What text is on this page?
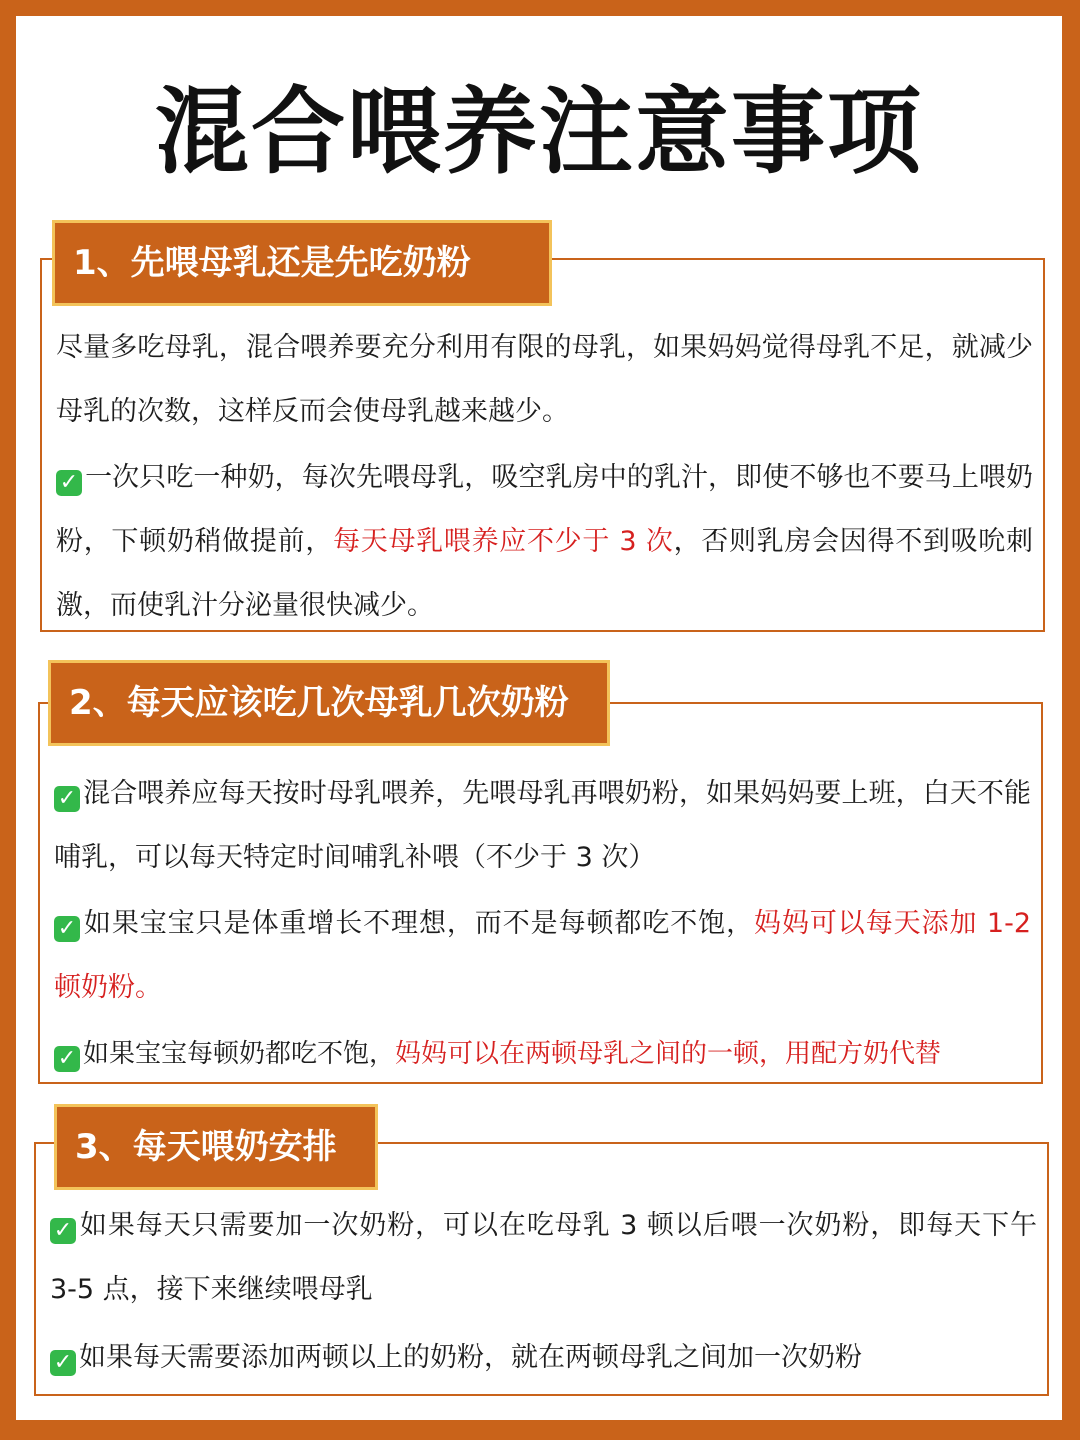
混合喂养注意事项
1、先喂母乳还是先吃奶粉

尽量多吃母乳，混合喂养要充分利用有限的母乳，如果妈妈觉得母乳不足，就减少母乳的次数，这样反而会使母乳越来越少。

✓ 一次只吃一种奶，每次先喂母乳，吸空乳房中的乳汁，即使不够也不要马上喂奶粉，下顿奶稍做提前，每天母乳喂养应不少于 3 次，否则乳房会因得不到吸吮刺激，而使乳汁分泌量很快减少。

2、每天应该吃几次母乳几次奶粉

✓ 混合喂养应每天按时母乳喂养，先喂母乳再喂奶粉，如果妈妈要上班，白天不能哺乳，可以每天特定时间哺乳补喂（不少于 3 次）

✓ 如果宝宝只是体重增长不理想，而不是每顿都吃不饱，妈妈可以每天添加 1-2 顿奶粉。

✓ 如果宝宝每顿奶都吃不饱，妈妈可以在两顿母乳之间的一顿，用配方奶代替

3、每天喂奶安排

✓ 如果每天只需要加一次奶粉，可以在吃母乳 3 顿以后喂一次奶粉，即每天下午 3-5 点，接下来继续喂母乳

✓ 如果每天需要添加两顿以上的奶粉，就在两顿母乳之间加一次奶粉
